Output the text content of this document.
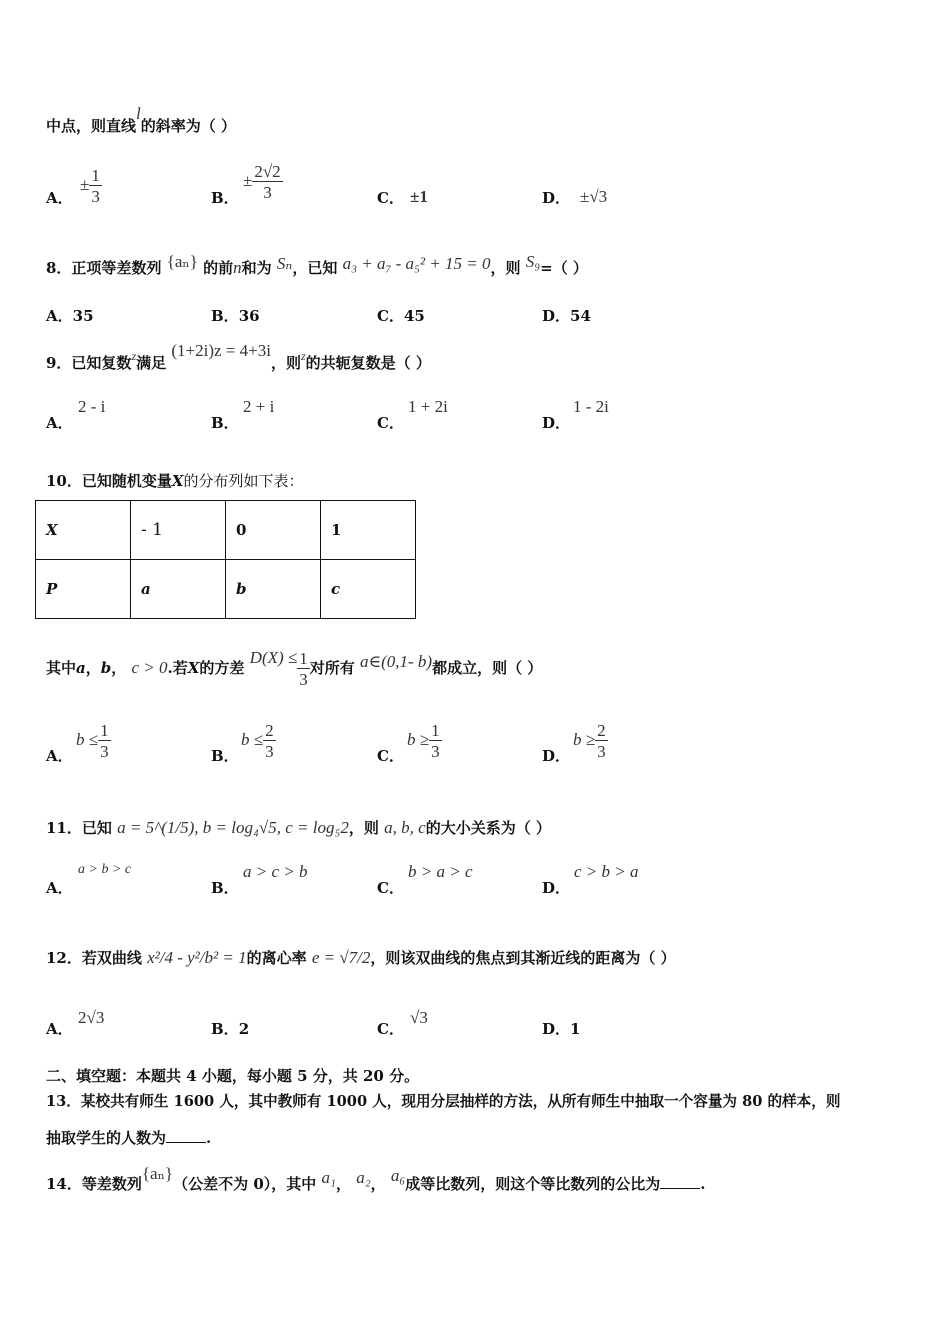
中点，则直线l的斜率为（ ）
A．
± $\frac{1}{3}$	B．
± $\frac{2√2}{3}$	C． ±1	D． ±√3
8．正项等差数列 {aₙ} 的前n和为 Sₙ，已知 a₃ + a₇ - a₅² + 15 = 0，则 S₉=（ ）
A．35	B．36	C．45	D．54
9．已知复数$^z$满足 (1+2i)z = 4+3i，则$^z$的共轭复数是（ ）
A．
2 - i
B．
2 + i
C．
1 + 2i
D．
1 - 2i
10．已知随机变量X的分布列如下表：
X	- 1	0	1
P	a	b	c
其中a，b， c > 0.若X的方差 $D(X) \le \frac{1}{3}$ 对所有 a∈(0,1- b)都成立，则（ ）
A．
$b \le \frac{1}{3}$	B．
$b \le \frac{2}{3}$	C．
$b \ge \frac{1}{3}$	D．
$b \ge \frac{2}{3}$
11．已知 a = 5^(1/5), b = log₄√5, c = log₅2，则 a, b, c的大小关系为（ ）
A．
a > b > c
B．
a > c > b
C．
b > a > c
D．
c > b > a
12．若双曲线 x²/4 - y²/b² = 1的离心率 e = √7/2，则该双曲线的焦点到其渐近线的距离为（ ）
A．
2√3
B．2	C．
√3
D．1
二、填空题：本题共 4 小题，每小题 5 分，共 20 分。
13．某校共有师生 1600 人，其中教师有 1000 人，现用分层抽样的方法，从所有师生中抽取一个容量为 80 的样本，则
抽取学生的人数为	.
14．等差数列{aₙ}（公差不为 0），其中 a₁， a₂， a₆成等比数列，则这个等比数列的公比为	.
